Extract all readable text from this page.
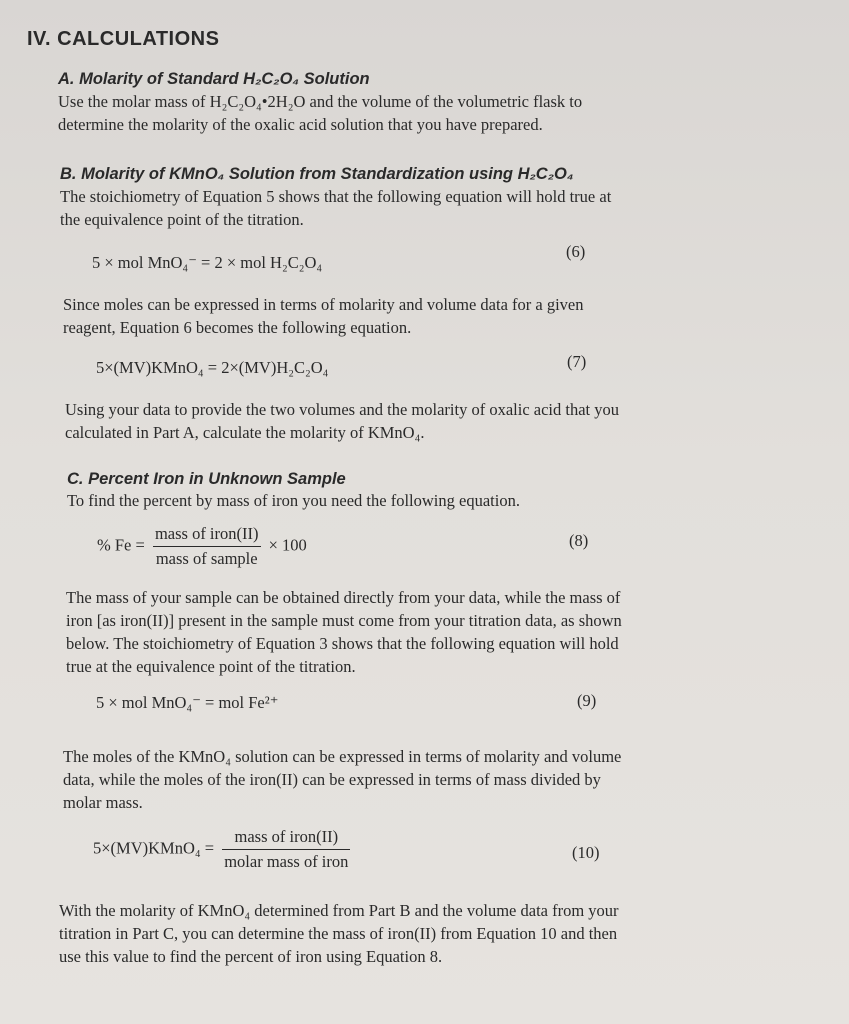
IV. CALCULATIONS
A. Molarity of Standard H₂C₂O₄ Solution
Use the molar mass of H₂C₂O₄•2H₂O and the volume of the volumetric flask to determine the molarity of the oxalic acid solution that you have prepared.
B. Molarity of KMnO₄ Solution from Standardization using H₂C₂O₄
The stoichiometry of Equation 5 shows that the following equation will hold true at the equivalence point of the titration.
5 × mol MnO₄⁻ = 2 × mol H₂C₂O₄
(6)
Since moles can be expressed in terms of molarity and volume data for a given reagent, Equation 6 becomes the following equation.
5×(MV)KMnO₄ = 2×(MV)H₂C₂O₄	(7)
Using your data to provide the two volumes and the molarity of oxalic acid that you calculated in Part A, calculate the molarity of KMnO₄.
C. Percent Iron in Unknown Sample
To find the percent by mass of iron you need the following equation.
% $Fe = \frac{\text{mass of iron(II)}}{\text{mass of sample}} \times 100$	(8)
The mass of your sample can be obtained directly from your data, while the mass of iron [as iron(II)] present in the sample must come from your titration data, as shown below. The stoichiometry of Equation 3 shows that the following equation will hold true at the equivalence point of the titration.
5 × mol MnO₄⁻ = mol Fe²⁺	(9)
The moles of the KMnO₄ solution can be expressed in terms of molarity and volume data, while the moles of the iron(II) can be expressed in terms of mass divided by molar mass.
5×(MV)KMnO₄ = $\frac{\text{mass of iron(II)}}{\text{molar mass of iron}}$	(10)
With the molarity of KMnO₄ determined from Part B and the volume data from your titration in Part C, you can determine the mass of iron(II) from Equation 10 and then use this value to find the percent of iron using Equation 8.
